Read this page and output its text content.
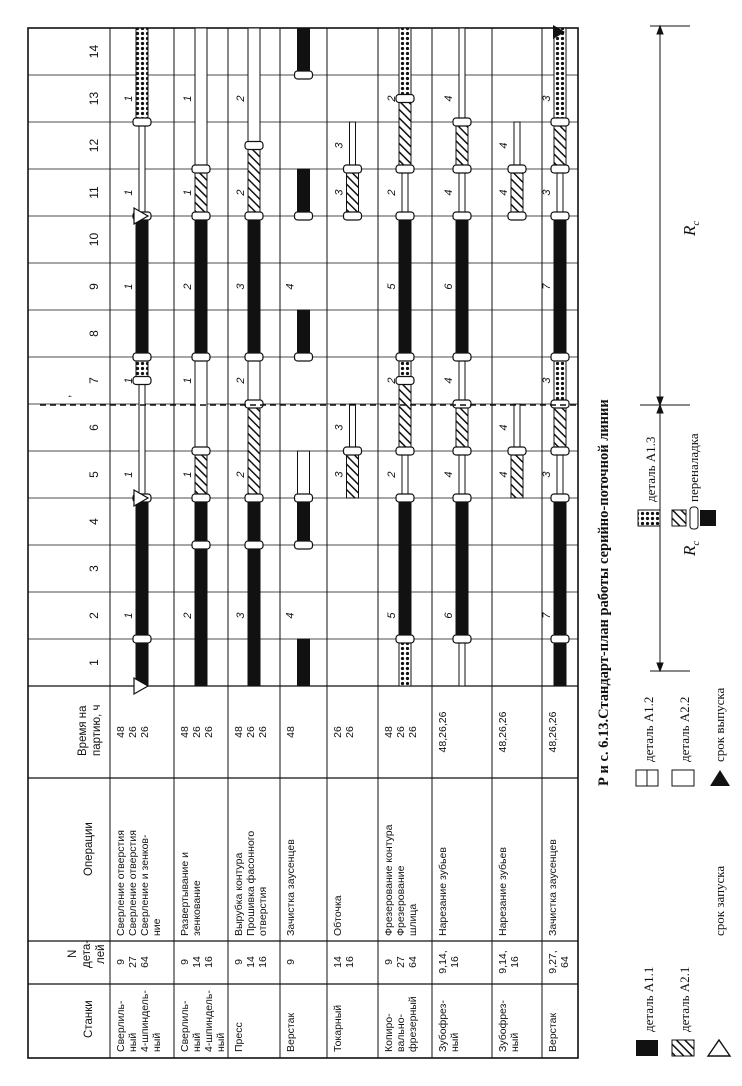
Станки
N дета- лей
Операции
Время на партию, ч
1
2
3
4
5
6
7
8
9
10
11
12
13
14
Сверлиль- ный 4-шпиндель- ный
9 27 64
Сверление отверстия Сверление отверстия Сверление и зенков- ние
48 26 26
Сверлиль- ный 4-шпиндель- ный
9 14 16
Развертывание и зенкование
48 26 26
Пресс
9 14 16
Вырубка контура Прошивка фасонного отверстия
48 26 26
Верстак
9
Зачистка заусенцев
48
Токарный
14 16
Обточка
26 26
Копиро- вально- фрезерный
9 27 64
Фрезерование контура Фрезерование шлица
48 26 26
Зубофрез- ный
9,14, 16
Нарезание зубьев
48,26,26
Зубофрез- ный
9,14, 16
Нарезание зубьев
48,26,26
Верстак
9,27, 64
Зачистка заусенцев
48,26,26
1
1
1
1
1
1
2
1
1
2
1
1
3
2
2
3
2
2
4
4
3
3
3
3
5
2
2
5
2
2
6
4
4
6
4
4
4
4
4
4
7
3
3
7
3
3
,
$R_c$
$R_c$
Р и с. 6.13.Стандарт-план работы серийно-поточной линии
деталь А1.1 деталь А2.1
срок запуска
деталь А1.2 деталь А2.2 срок выпуска
деталь А1.3 переналадка
